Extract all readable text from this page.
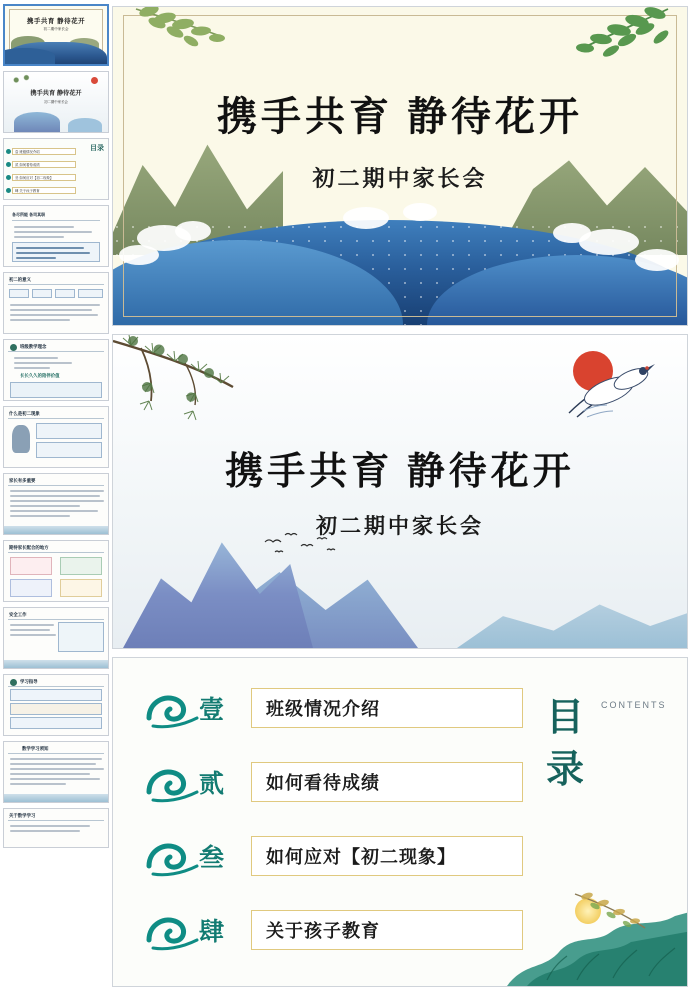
携手共育 静待花开
初二期中家长会
携手共育 静待花开
初二期中家长会
目录
壹 班级情况介绍
贰 如何看待成绩
叁 如何应对【初二现象】
肆 关于孩子教育
各尽所能 各司其职
初二的意义
班级教学理念
长长久久的陪伴价值
什么是初二现象
家长有多重要
期待家长配合的地方
安全工作
学习指导
数学学习须知
关于数学学习
携手共育 静待花开
初二期中家长会
携手共育 静待花开
初二期中家长会
壹	班级情况介绍
贰	如何看待成绩
叁	如何应对【初二现象】
肆	关于孩子教育
目录
CONTENTS
